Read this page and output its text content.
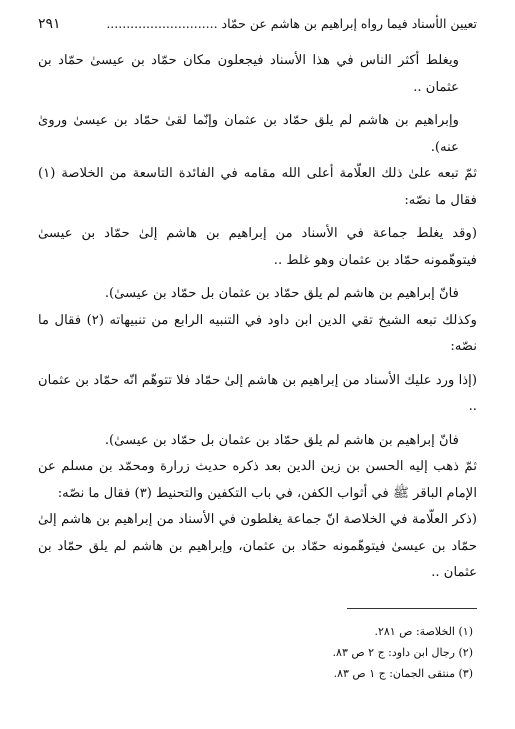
تعيين الأسناد فيما رواه إبراهيم بن هاشم عن حمّاد ............................
٢٩١

ويغلط أكثر الناس في هذا الأسناد فيجعلون مكان حمّاد بن عيسىٰ حمّاد بن عثمان ..

وإبراهيم بن هاشم لم يلق حمّاد بن عثمان وإنّما لقىٰ حمّاد بن عيسىٰ وروىٰ عنه).

ثمّ تبعه علىٰ ذلك العلّامة أعلى الله مقامه في الفائدة التاسعة من الخلاصة (١) فقال ما نصّه:

(وقد يغلط جماعة في الأسناد من إبراهيم بن هاشم إلىٰ حمّاد بن عيسىٰ فيتوهّمونه حمّاد بن عثمان وهو غلط ..

فانّ إبراهيم بن هاشم لم يلق حمّاد بن عثمان بل حمّاد بن عيسىٰ).

وكذلك تبعه الشيخ تقي الدين ابن داود في التنبيه الرابع من تنبيهاته (٢) فقال ما نصّه:

(إذا ورد عليك الأسناد من إبراهيم بن هاشم إلىٰ حمّاد فلا تتوهّم انّه حمّاد بن عثمان ..

فانّ إبراهيم بن هاشم لم يلق حمّاد بن عثمان بل حمّاد بن عيسىٰ).

ثمّ ذهب إليه الحسن بن زين الدين بعد ذكره حديث زرارة ومحمّد بن مسلم عن الإمام الباقر ﷺ في أثواب الكفن، في باب التكفين والتحنيط (٣) فقال ما نصّه:

(ذكر العلّامة في الخلاصة انّ جماعة يغلطون في الأسناد من إبراهيم بن هاشم إلىٰ حمّاد بن عيسىٰ فيتوهّمونه حمّاد بن عثمان، وإبراهيم بن هاشم لم يلق حمّاد بن عثمان ..

(١) الخلاصة: ص ٢٨١.

(٢) رجال ابن داود: ج ٢ ص ٨٣.

(٣) منتقى الجمان: ج ١ ص ٨٣.
